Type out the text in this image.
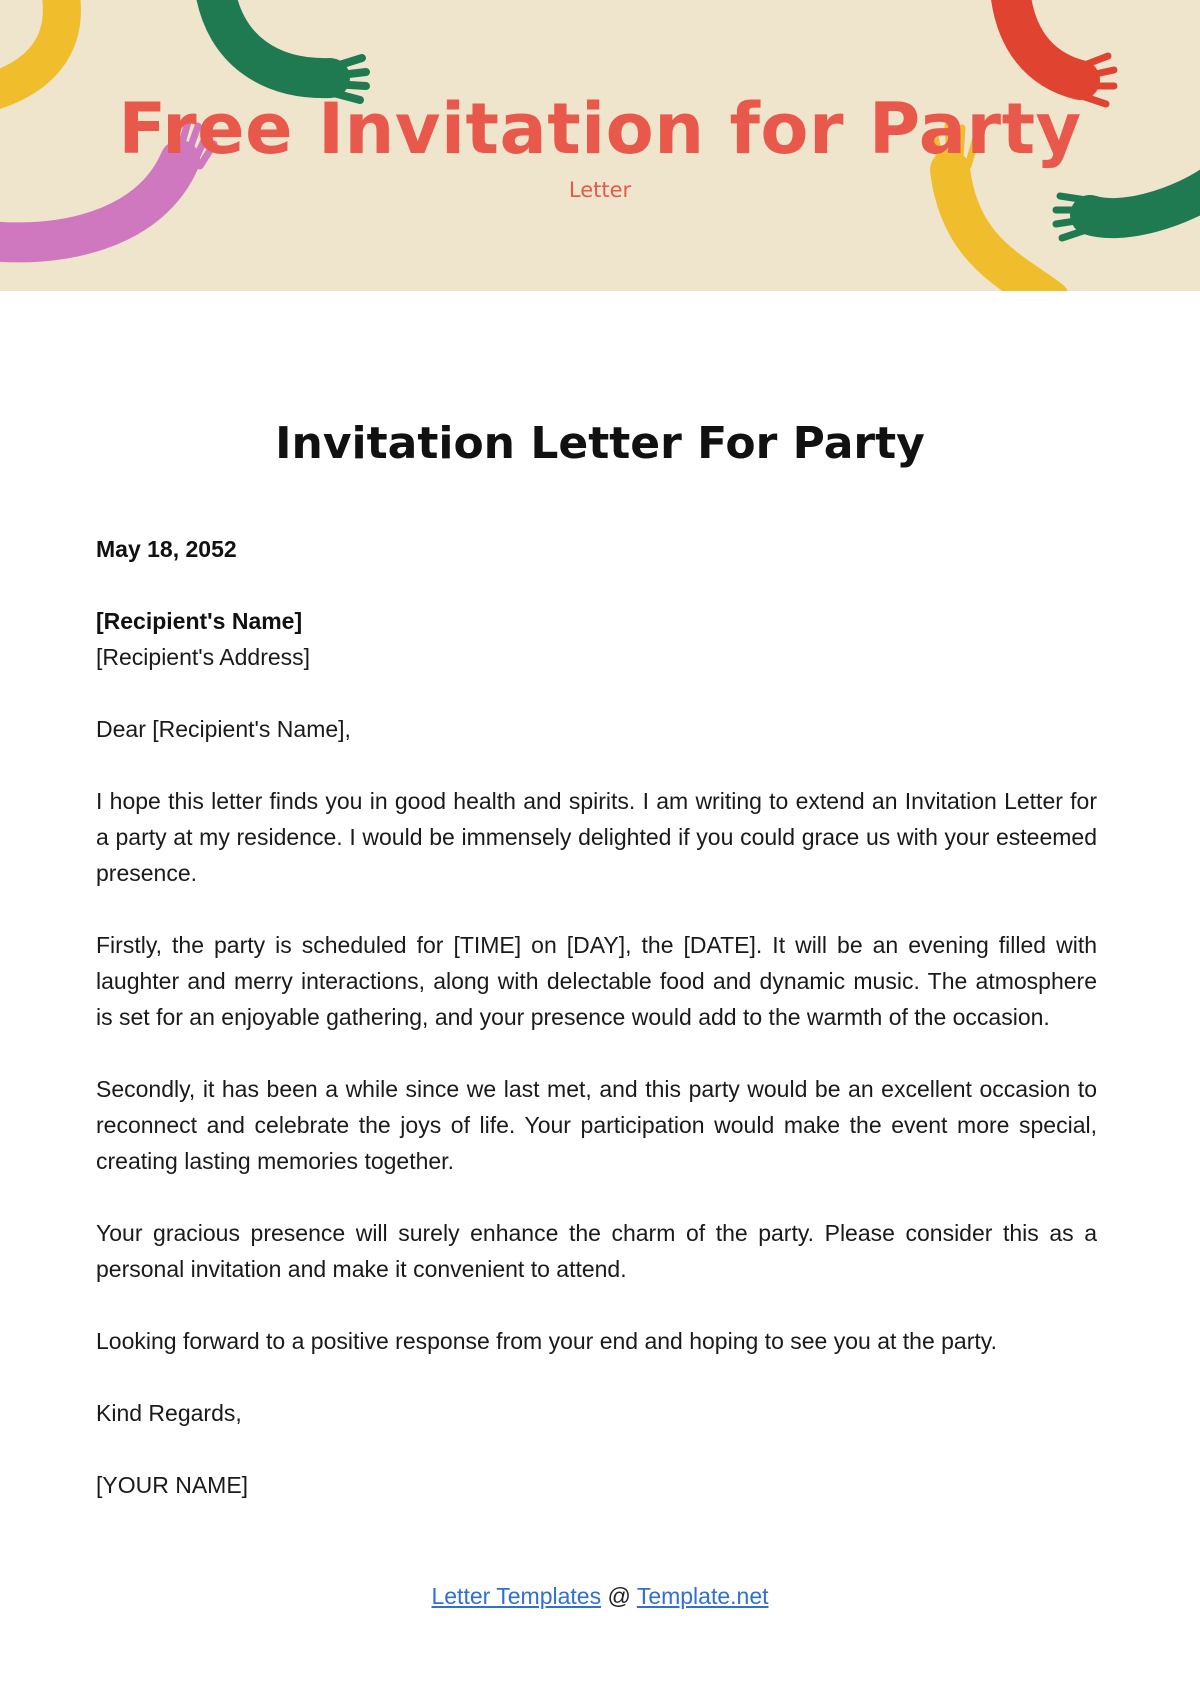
Free Invitation for Party
Letter
Invitation Letter For Party

May 18, 2052

[Recipient's Name]

[Recipient's Address]

Dear [Recipient's Name],

I hope this letter finds you in good health and spirits. I am writing to extend an Invitation Letter for a party at my residence. I would be immensely delighted if you could grace us with your esteemed presence.

Firstly, the party is scheduled for [TIME] on [DAY], the [DATE]. It will be an evening filled with laughter and merry interactions, along with delectable food and dynamic music. The atmosphere is set for an enjoyable gathering, and your presence would add to the warmth of the occasion.

Secondly, it has been a while since we last met, and this party would be an excellent occasion to reconnect and celebrate the joys of life. Your participation would make the event more special, creating lasting memories together.

Your gracious presence will surely enhance the charm of the party. Please consider this as a personal invitation and make it convenient to attend.

Looking forward to a positive response from your end and hoping to see you at the party.

Kind Regards,

[YOUR NAME]

Letter Templates @ Template.net
